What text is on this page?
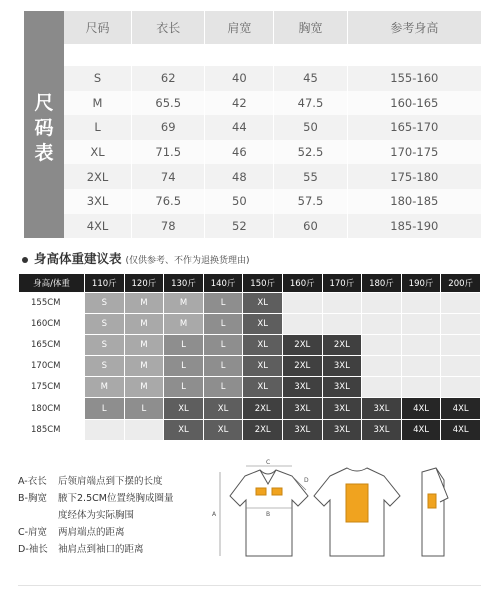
尺
码
表
尺码	衣长	肩宽	胸宽	参考身高

S	62	40	45	155-160
M	65.5	42	47.5	160-165
L	69	44	50	165-170
XL	71.5	46	52.5	170-175
2XL	74	48	55	175-180
3XL	76.5	50	57.5	180-185
4XL	78	52	60	185-190
身高体重建议表 (仅供参考、不作为退换货理由)
身高/体重	110斤	120斤	130斤	140斤	150斤	160斤	170斤	180斤	190斤	200斤
155CM	S	M	M	L	XL					
160CM	S	M	M	L	XL					
165CM	S	M	L	L	XL	2XL	2XL			
170CM	S	M	L	L	XL	2XL	3XL			
175CM	M	M	L	L	XL	3XL	3XL			
180CM	L	L	XL	XL	2XL	3XL	3XL	3XL	4XL	4XL
185CM			XL	XL	2XL	3XL	3XL	3XL	4XL	4XL
A-衣长 后领肩端点到下摆的长度
B-胸宽 腋下2.5CM位置绕胸成圈量
度经体为实际胸围
C-肩宽 两肩端点的距离
D-袖长 袖肩点到袖口的距离
C
A	B
D
